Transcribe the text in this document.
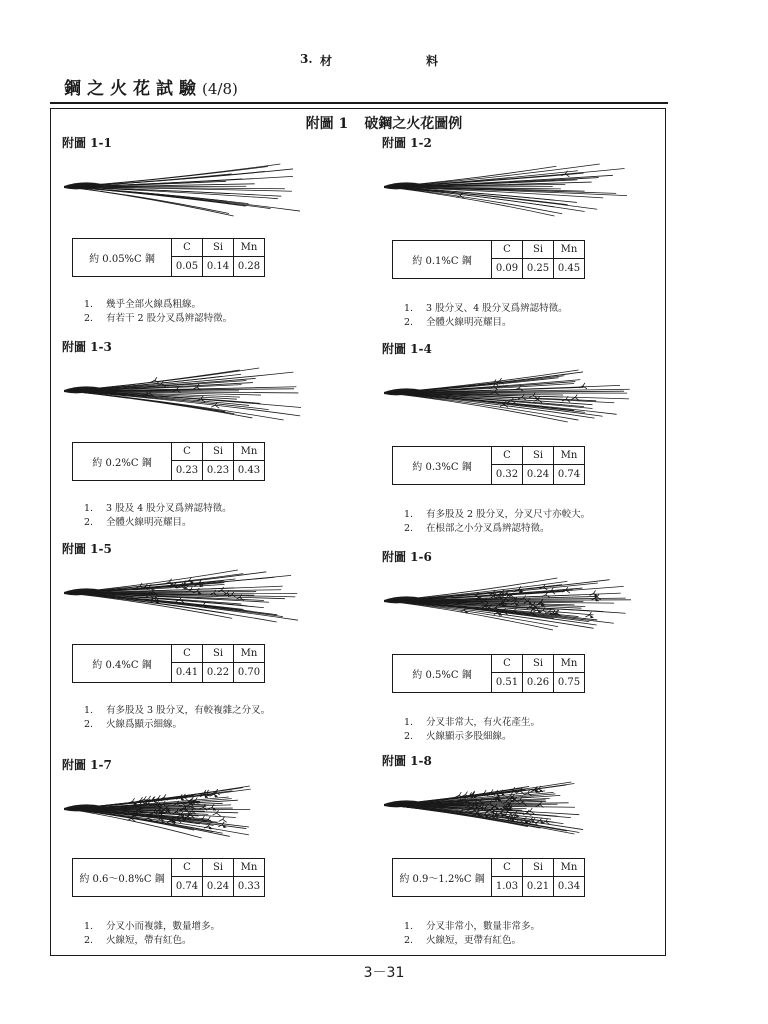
3. 材	料
鋼之火花試驗(4/8)
附圖 1 破鋼之火花圖例
附圖 1-1
約 0.05%C 鋼	C	Si	Mn
	0.05	0.14	0.28
1. 幾乎全部火線爲粗線。
2. 有若干 2 股分叉爲辨認特徵。
附圖 1-2
約 0.1%C 鋼	C	Si	Mn
	0.09	0.25	0.45
1. 3 股分叉、4 股分叉爲辨認特徵。
2. 全體火線明亮耀目。
附圖 1-3
約 0.2%C 鋼	C	Si	Mn
	0.23	0.23	0.43
1. 3 股及 4 股分叉爲辨認特徵。
2. 全體火線明亮耀目。
附圖 1-4
約 0.3%C 鋼	C	Si	Mn
	0.32	0.24	0.74
1. 有多股及 2 股分叉，分叉尺寸亦較大。
2. 在根部之小分叉爲辨認特徵。
附圖 1-5
約 0.4%C 鋼	C	Si	Mn
	0.41	0.22	0.70
1. 有多股及 3 股分叉，有較複雜之分叉。
2. 火線爲顯示細線。
附圖 1-6
約 0.5%C 鋼	C	Si	Mn
	0.51	0.26	0.75
1. 分叉非常大，有火花產生。
2. 火線顯示多股細線。
附圖 1-7
約 0.6～0.8%C 鋼	C	Si	Mn
	0.74	0.24	0.33
1. 分叉小而複雜，數量增多。
2. 火線短，帶有紅色。
附圖 1-8
約 0.9～1.2%C 鋼	C	Si	Mn
	1.03	0.21	0.34
1. 分叉非常小，數量非常多。
2. 火線短，更帶有紅色。
3－31
